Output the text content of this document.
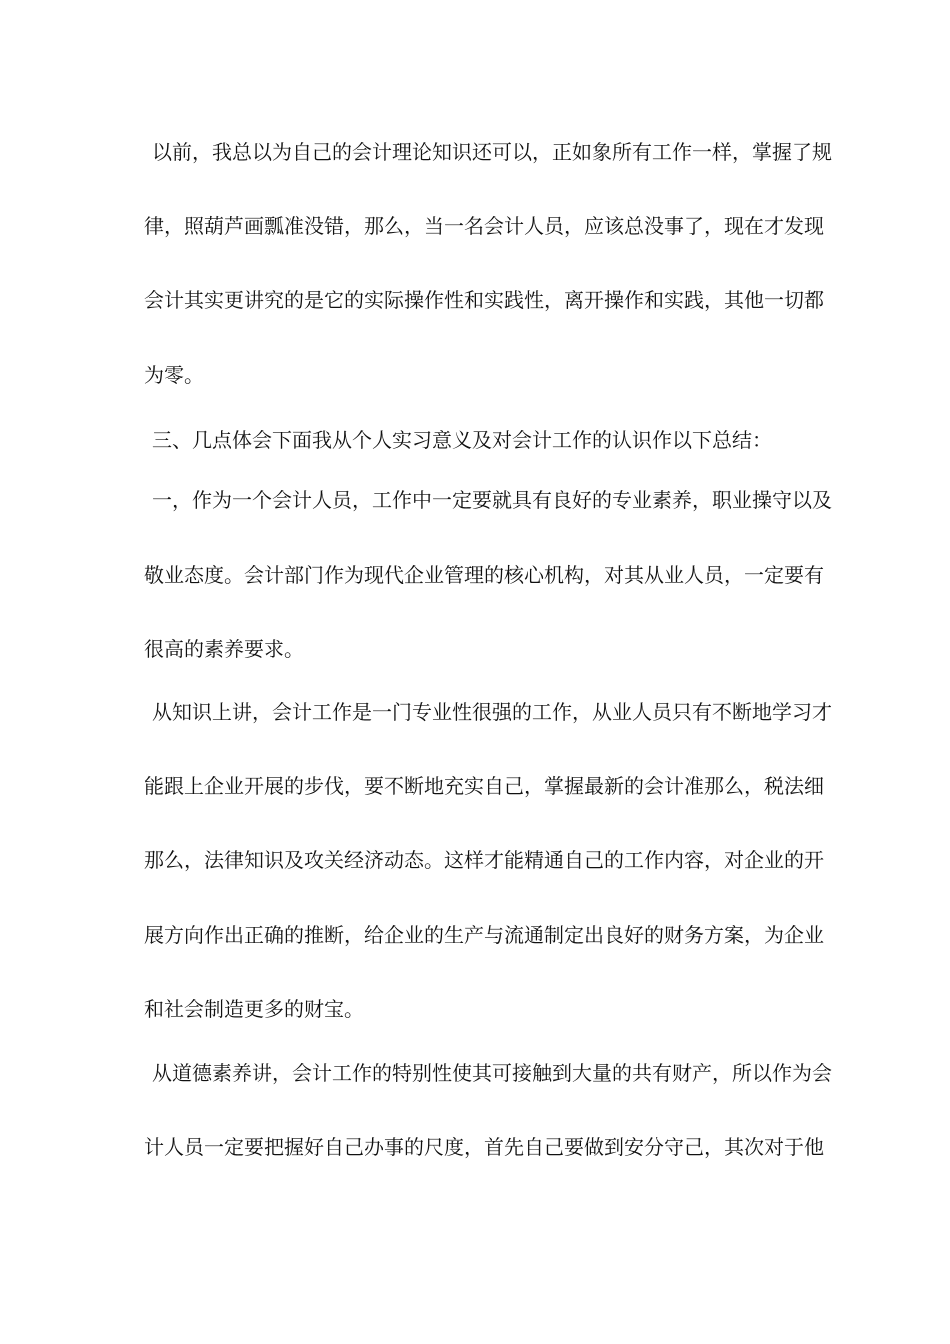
以前，我总以为自己的会计理论知识还可以，正如象所有工作一样，掌握了规
律，照葫芦画瓢准没错，那么，当一名会计人员，应该总没事了，现在才发现
会计其实更讲究的是它的实际操作性和实践性，离开操作和实践，其他一切都
为零。
三、几点体会下面我从个人实习意义及对会计工作的认识作以下总结：
一，作为一个会计人员，工作中一定要就具有良好的专业素养，职业操守以及
敬业态度。会计部门作为现代企业管理的核心机构，对其从业人员，一定要有
很高的素养要求。
从知识上讲，会计工作是一门专业性很强的工作，从业人员只有不断地学习才
能跟上企业开展的步伐，要不断地充实自己，掌握最新的会计准那么，税法细
那么，法律知识及攻关经济动态。这样才能精通自己的工作内容，对企业的开
展方向作出正确的推断，给企业的生产与流通制定出良好的财务方案，为企业
和社会制造更多的财宝。
从道德素养讲，会计工作的特别性使其可接触到大量的共有财产，所以作为会
计人员一定要把握好自己办事的尺度，首先自己要做到安分守己，其次对于他
